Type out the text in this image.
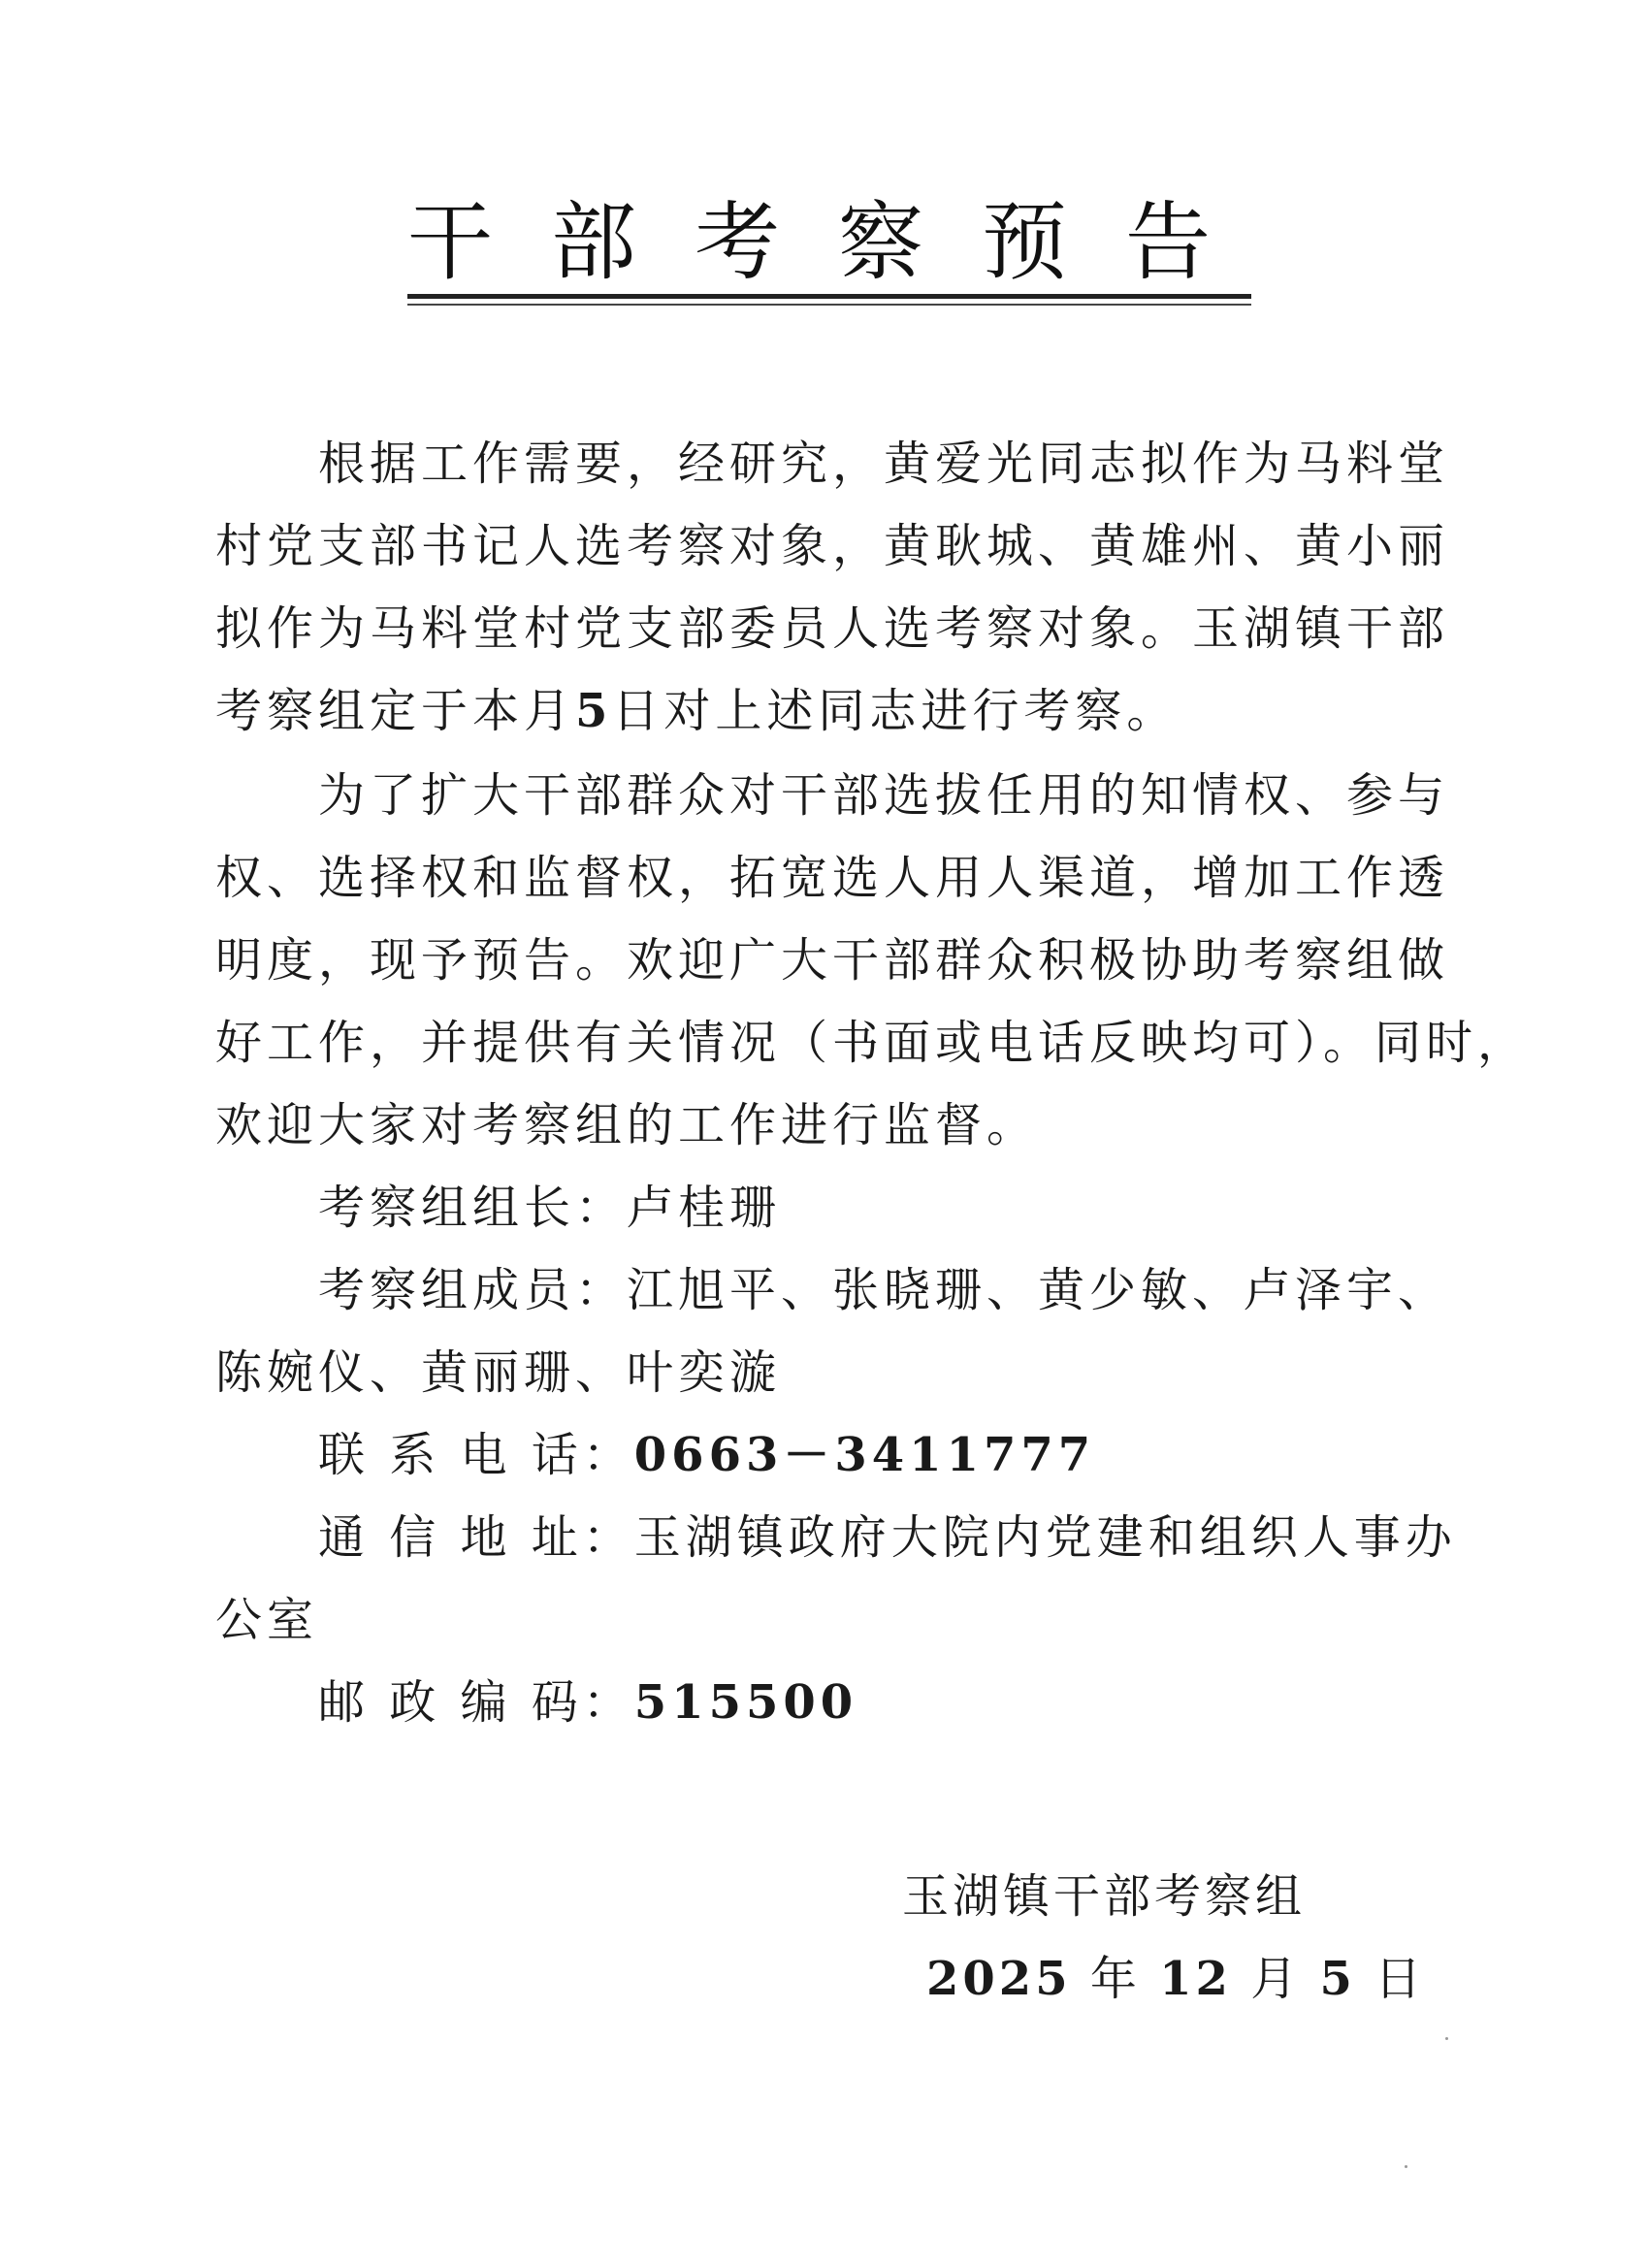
干部考察预告
　　根据工作需要，经研究，黄爱光同志拟作为马料堂
村党支部书记人选考察对象，黄耿城、黄雄州、黄小丽
拟作为马料堂村党支部委员人选考察对象。玉湖镇干部
考察组定于本月5日对上述同志进行考察。
　　为了扩大干部群众对干部选拔任用的知情权、参与
权、选择权和监督权，拓宽选人用人渠道，增加工作透
明度，现予预告。欢迎广大干部群众积极协助考察组做
好工作，并提供有关情况（书面或电话反映均可）。同时，
欢迎大家对考察组的工作进行监督。
　　考察组组长：卢桂珊
　　考察组成员：江旭平、张晓珊、黄少敏、卢泽宇、
陈婉仪、黄丽珊、叶奕漩
　　联 系 电 话：0663－3411777
　　通 信 地 址：玉湖镇政府大院内党建和组织人事办
公室
　　邮 政 编 码：515500
玉湖镇干部考察组
2025 年 12 月 5 日
